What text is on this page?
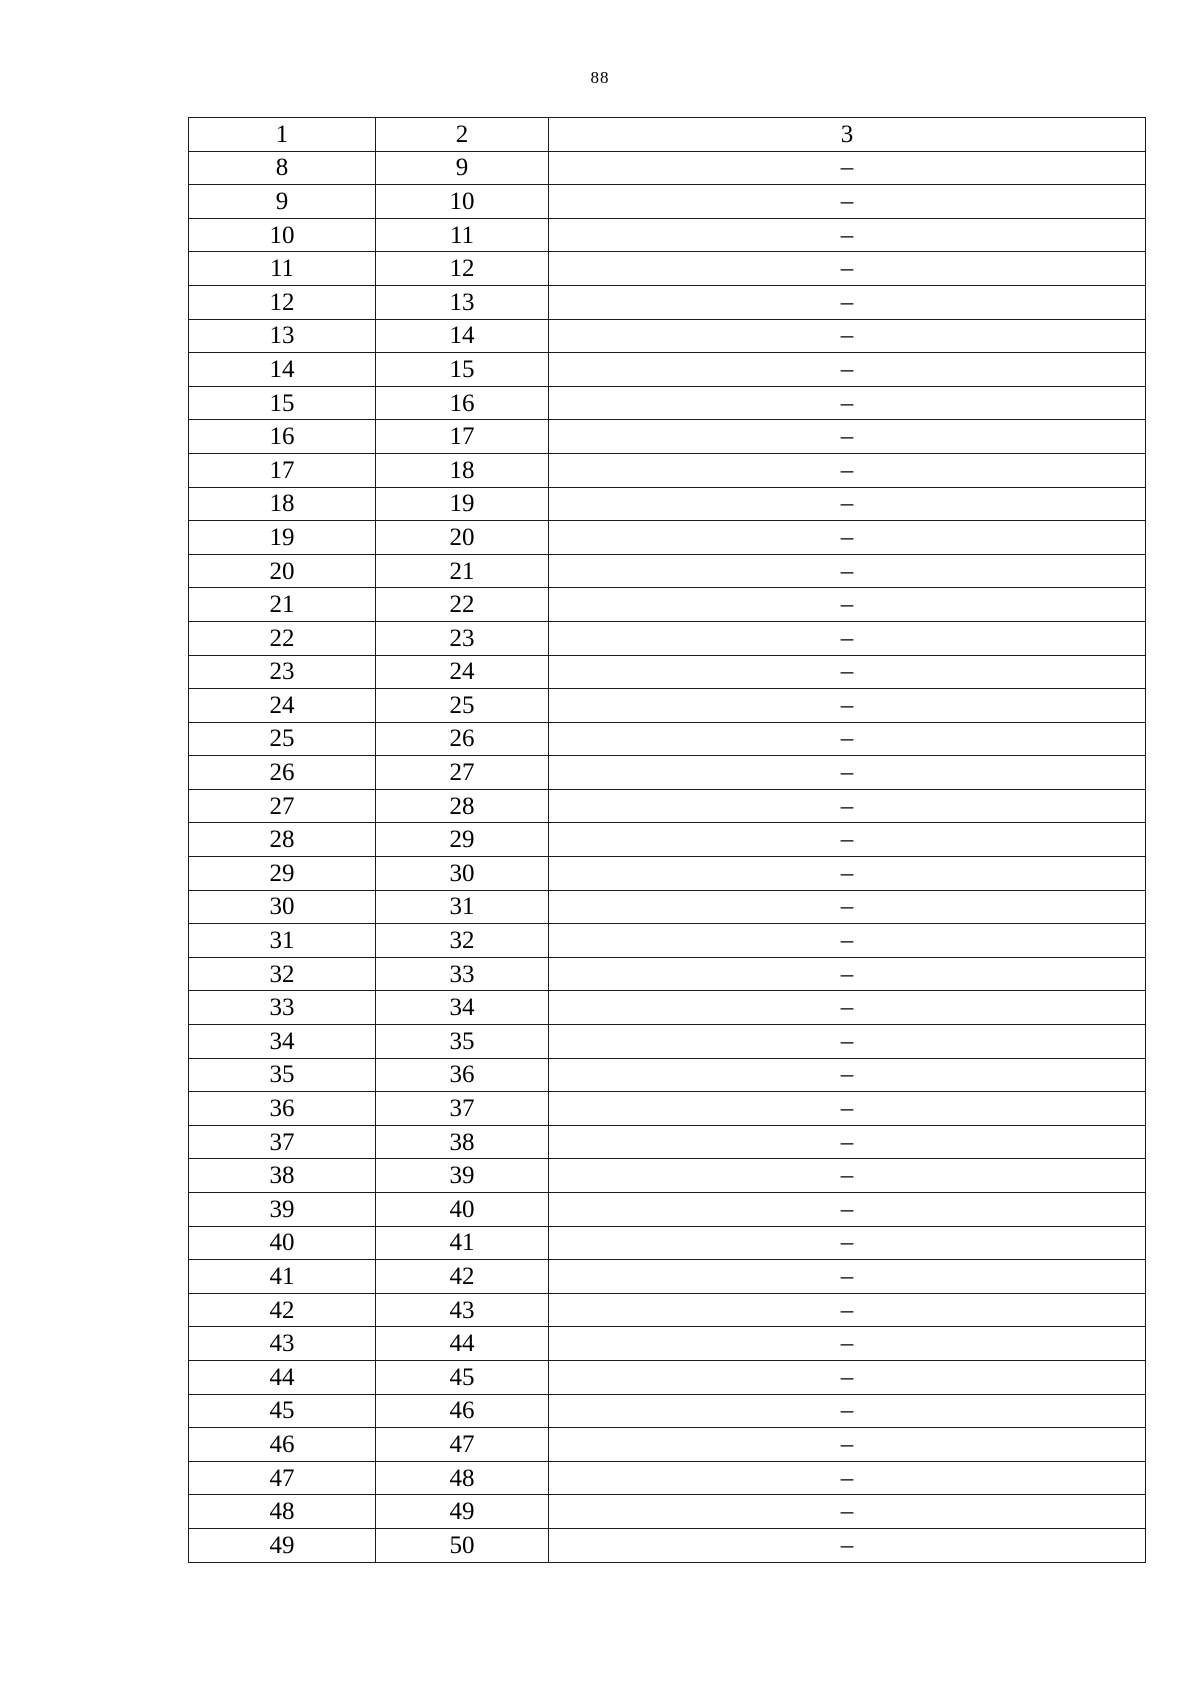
88
1	2	3
8	9	–
9	10	–
10	11	–
11	12	–
12	13	–
13	14	–
14	15	–
15	16	–
16	17	–
17	18	–
18	19	–
19	20	–
20	21	–
21	22	–
22	23	–
23	24	–
24	25	–
25	26	–
26	27	–
27	28	–
28	29	–
29	30	–
30	31	–
31	32	–
32	33	–
33	34	–
34	35	–
35	36	–
36	37	–
37	38	–
38	39	–
39	40	–
40	41	–
41	42	–
42	43	–
43	44	–
44	45	–
45	46	–
46	47	–
47	48	–
48	49	–
49	50	–
